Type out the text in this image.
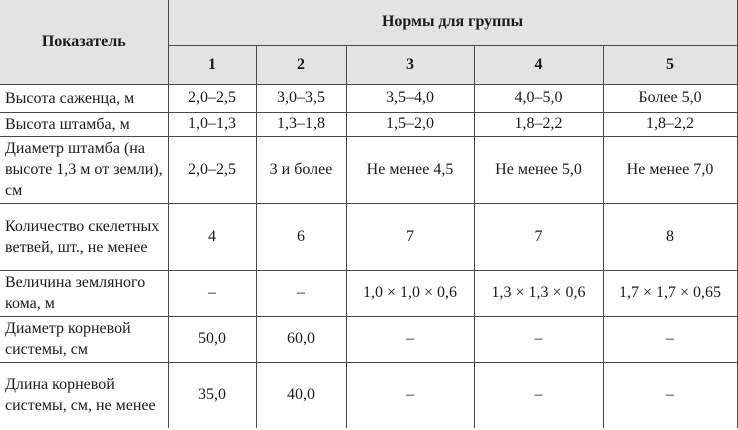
Показатель	Нормы для группы				
	1	2	3	4	5
Высота саженца, м	2,0–2,5	3,0–3,5	3,5–4,0	4,0–5,0	Более 5,0
Высота штамба, м	1,0–1,3	1,3–1,8	1,5–2,0	1,8–2,2	1,8–2,2
Диаметр штамба (на высоте 1,3 м от земли), см	2,0–2,5	3 и более	Не менее 4,5	Не менее 5,0	Не менее 7,0
Количество скелетных ветвей, шт., не менее	4	6	7	7	8
Величина земляного кома, м	–	–	1,0 × 1,0 × 0,6	1,3 × 1,3 × 0,6	1,7 × 1,7 × 0,65
Диаметр корневой системы, см	50,0	60,0	–	–	–
Длина корневой системы, см, не менее	35,0	40,0	–	–	–
